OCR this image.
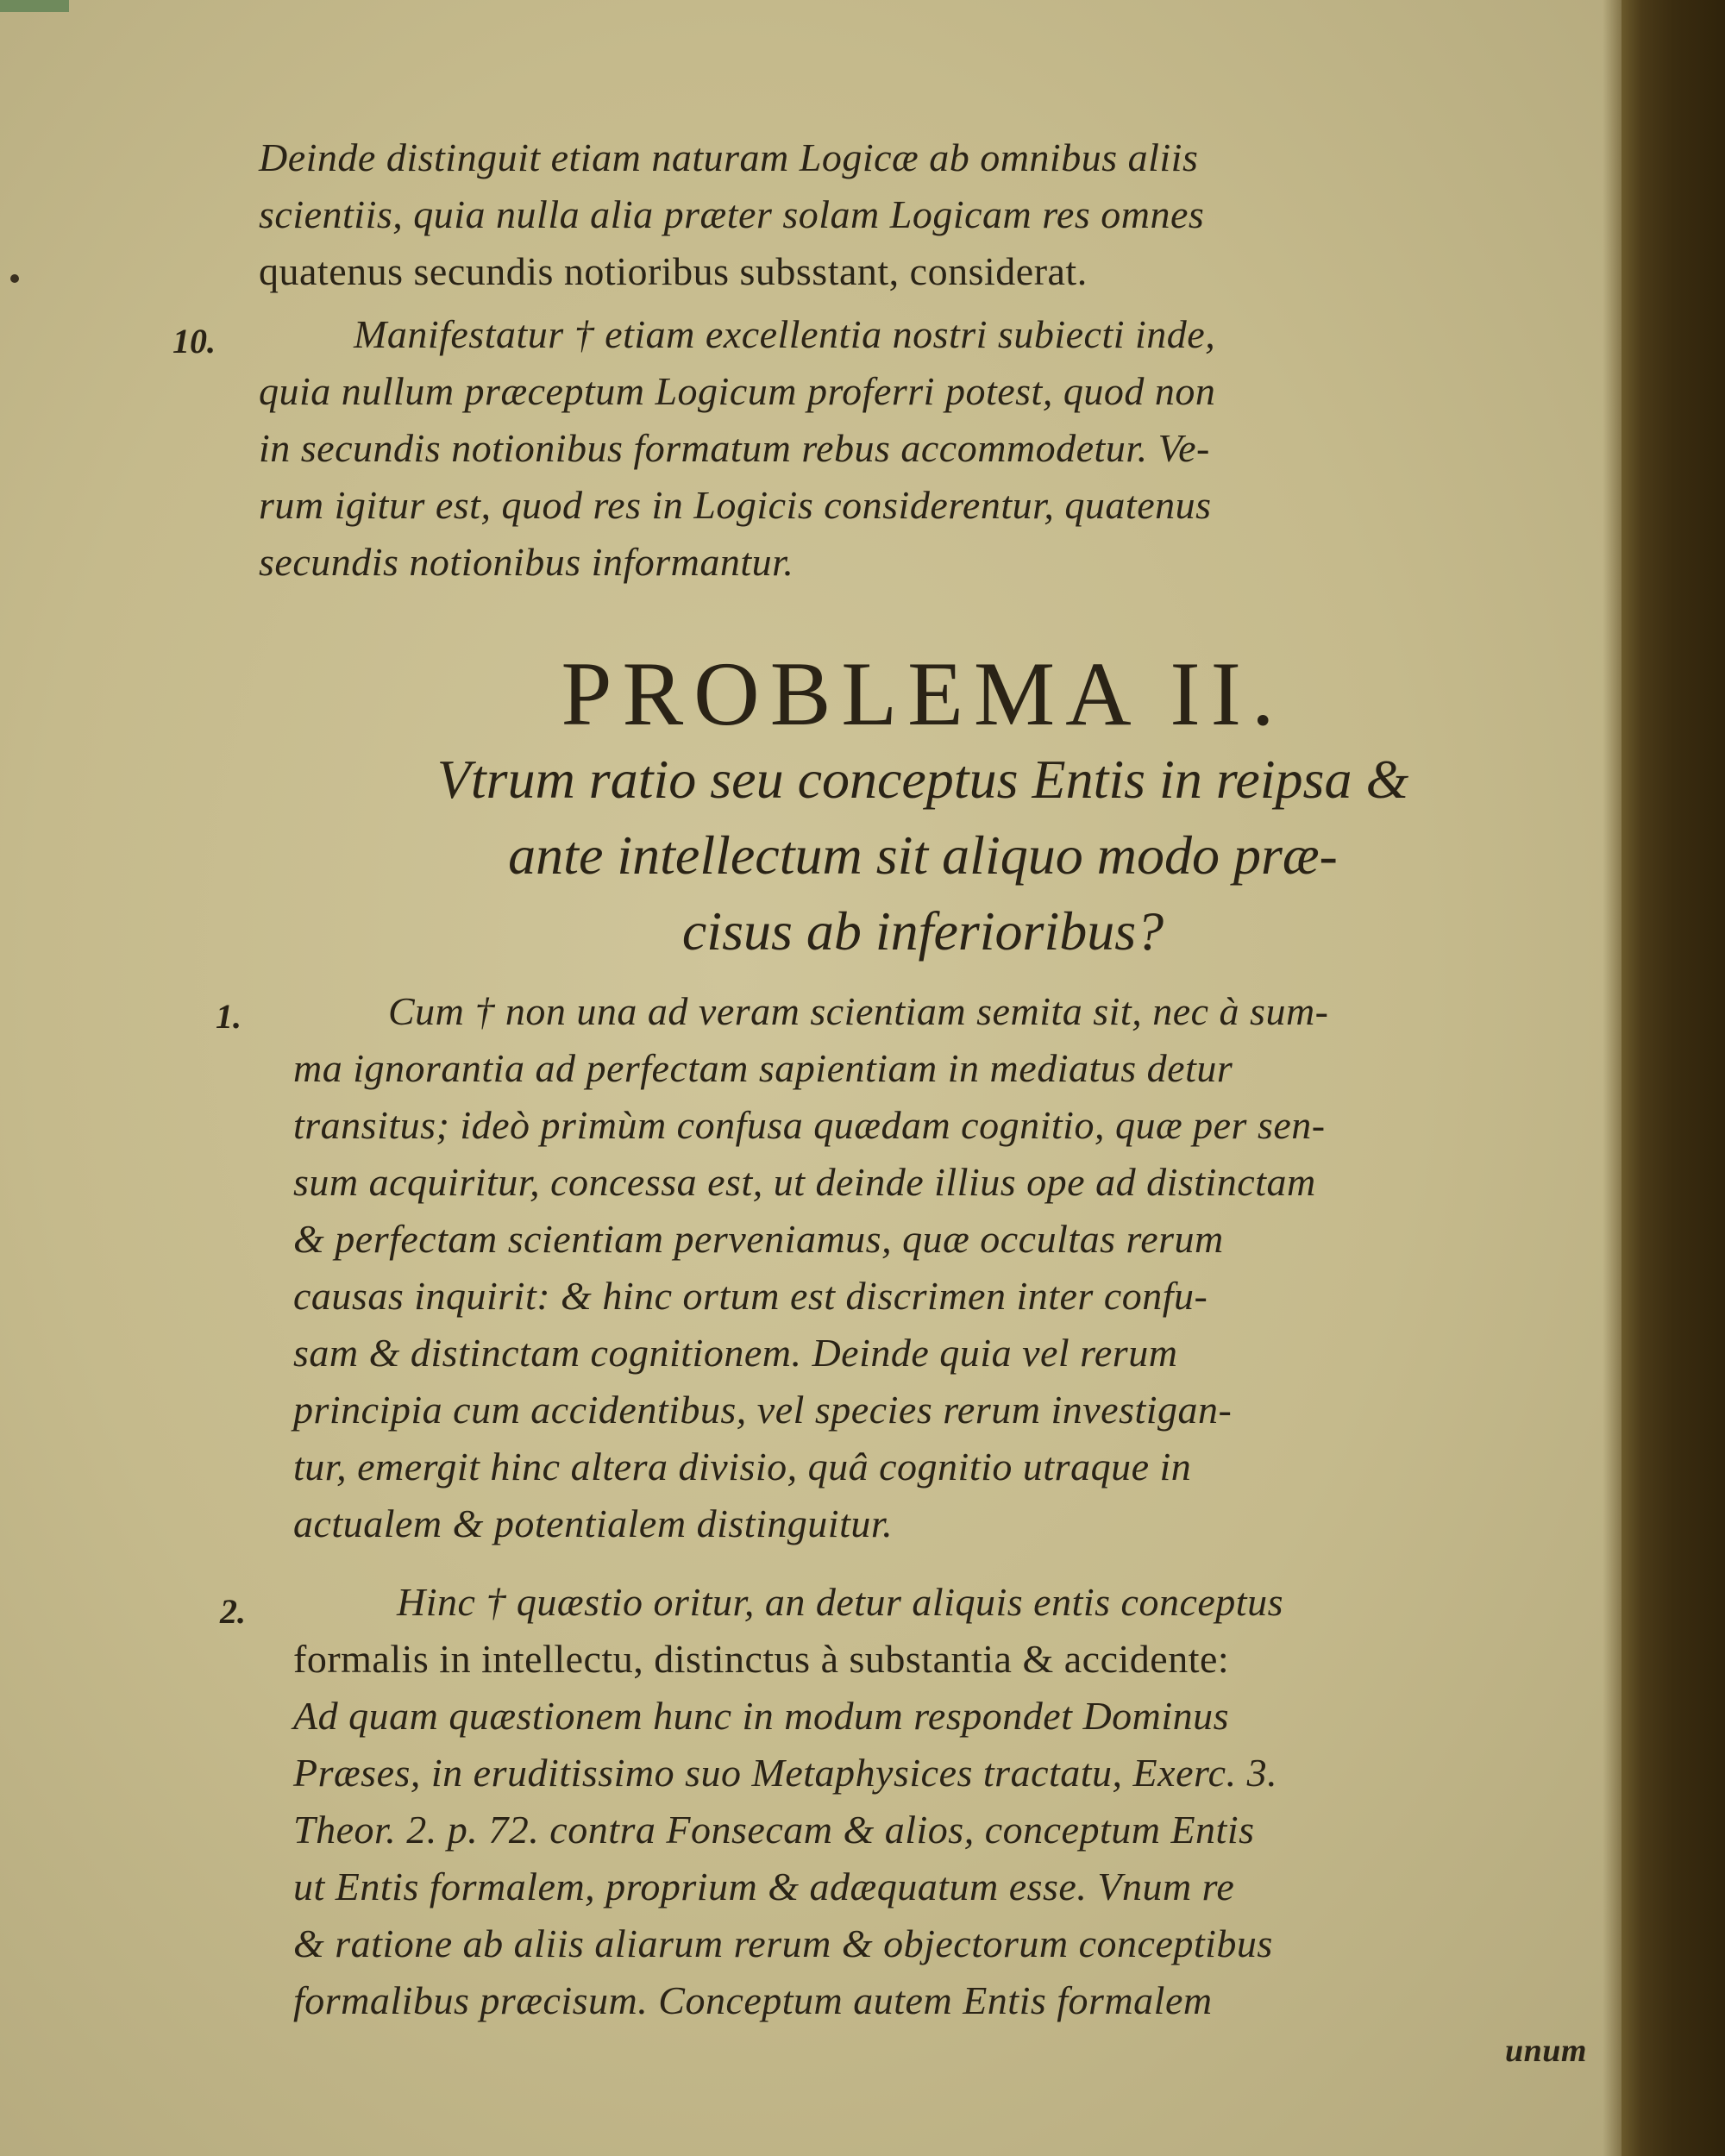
Deinde distinguit etiam naturam Logicæ ab omnibus aliis
scientiis, quia nulla alia præter solam Logicam res omnes
quatenus secundis notioribus subsstant, considerat.
10.	Manifestatur † etiam excellentia nostri subiecti inde,
quia nullum præceptum Logicum proferri potest, quod non
in secundis notionibus formatum rebus accommodetur. Ve-
rum igitur est, quod res in Logicis considerentur, quatenus
secundis notionibus informantur.
PROBLEMA II.
Vtrum ratio seu conceptus Entis in reipsa &
ante intellectum sit aliquo modo præ-
cisus ab inferioribus?
1.	Cum † non una ad veram scientiam semita sit, nec à sum-
ma ignorantia ad perfectam sapientiam in mediatus detur
transitus; ideò primùm confusa quædam cognitio, quæ per sen-
sum acquiritur, concessa est, ut deinde illius ope ad distinctam
& perfectam scientiam perveniamus, quæ occultas rerum
causas inquirit: & hinc ortum est discrimen inter confu-
sam & distinctam cognitionem. Deinde quia vel rerum
principia cum accidentibus, vel species rerum investigan-
tur, emergit hinc altera divisio, quâ cognitio utraque in
actualem & potentialem distinguitur.
2.	Hinc † quæstio oritur, an detur aliquis entis conceptus
formalis in intellectu, distinctus à substantia & accidente:
Ad quam quæstionem hunc in modum respondet Dominus
Præses, in eruditissimo suo Metaphysices tractatu, Exerc. 3.
Theor. 2. p. 72. contra Fonsecam & alios, conceptum Entis
ut Entis formalem, proprium & adæquatum esse. Vnum re
& ratione ab aliis aliarum rerum & objectorum conceptibus
formalibus præcisum. Conceptum autem Entis formalem
unum
